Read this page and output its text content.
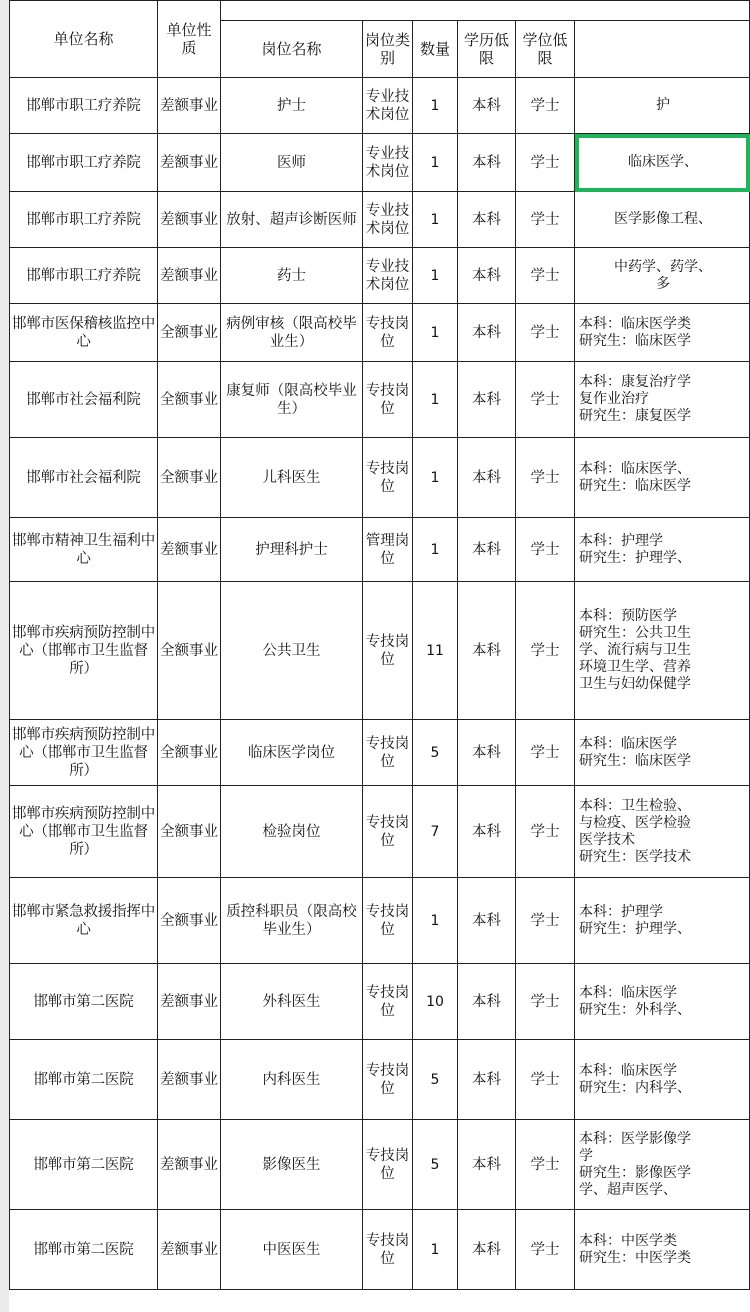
单位名称	单位性质						
		岗位名称	岗位类别	数量	学历低限	学位低限	
邯郸市职工疗养院	差额事业	护士	专业技术岗位	1	本科	学士	护

邯郸市职工疗养院	差额事业	医师	专业技术岗位	1	本科	学士	临床医学、

邯郸市职工疗养院	差额事业	放射、超声诊断医师	专业技术岗位	1	本科	学士	医学影像工程、

邯郸市职工疗养院	差额事业	药士	专业技术岗位	1	本科	学士	中药学、药学、
多

邯郸市医保稽核监控中心	全额事业	病例审核（限高校毕业生）	专技岗位	1	本科	学士	本科：临床医学类
研究生：临床医学

邯郸市社会福利院	全额事业	康复师（限高校毕业生）	专技岗位	1	本科	学士	本科：康复治疗学
复作业治疗
研究生：康复医学

邯郸市社会福利院	全额事业	儿科医生	专技岗位	1	本科	学士	本科：临床医学、
研究生：临床医学

邯郸市精神卫生福利中心	差额事业	护理科护士	管理岗位	1	本科	学士	本科：护理学
研究生：护理学、

邯郸市疾病预防控制中心（邯郸市卫生监督所）	全额事业	公共卫生	专技岗位	11	本科	学士	本科：预防医学
研究生：公共卫生
学、流行病与卫生
环境卫生学、营养
卫生与妇幼保健学

邯郸市疾病预防控制中心（邯郸市卫生监督所）	全额事业	临床医学岗位	专技岗位	5	本科	学士	本科：临床医学
研究生：临床医学

邯郸市疾病预防控制中心（邯郸市卫生监督所）	全额事业	检验岗位	专技岗位	7	本科	学士	本科：卫生检验、
与检疫、医学检验
医学技术
研究生：医学技术

邯郸市紧急救援指挥中心	全额事业	质控科职员（限高校毕业生）	专技岗位	1	本科	学士	本科：护理学
研究生：护理学、

邯郸市第二医院	差额事业	外科医生	专技岗位	10	本科	学士	本科：临床医学
研究生：外科学、

邯郸市第二医院	差额事业	内科医生	专技岗位	5	本科	学士	本科：临床医学
研究生：内科学、

邯郸市第二医院	差额事业	影像医生	专技岗位	5	本科	学士	本科：医学影像学
学
研究生：影像医学
学、超声医学、

邯郸市第二医院	差额事业	中医医生	专技岗位	1	本科	学士	本科：中医学类
研究生：中医学类
